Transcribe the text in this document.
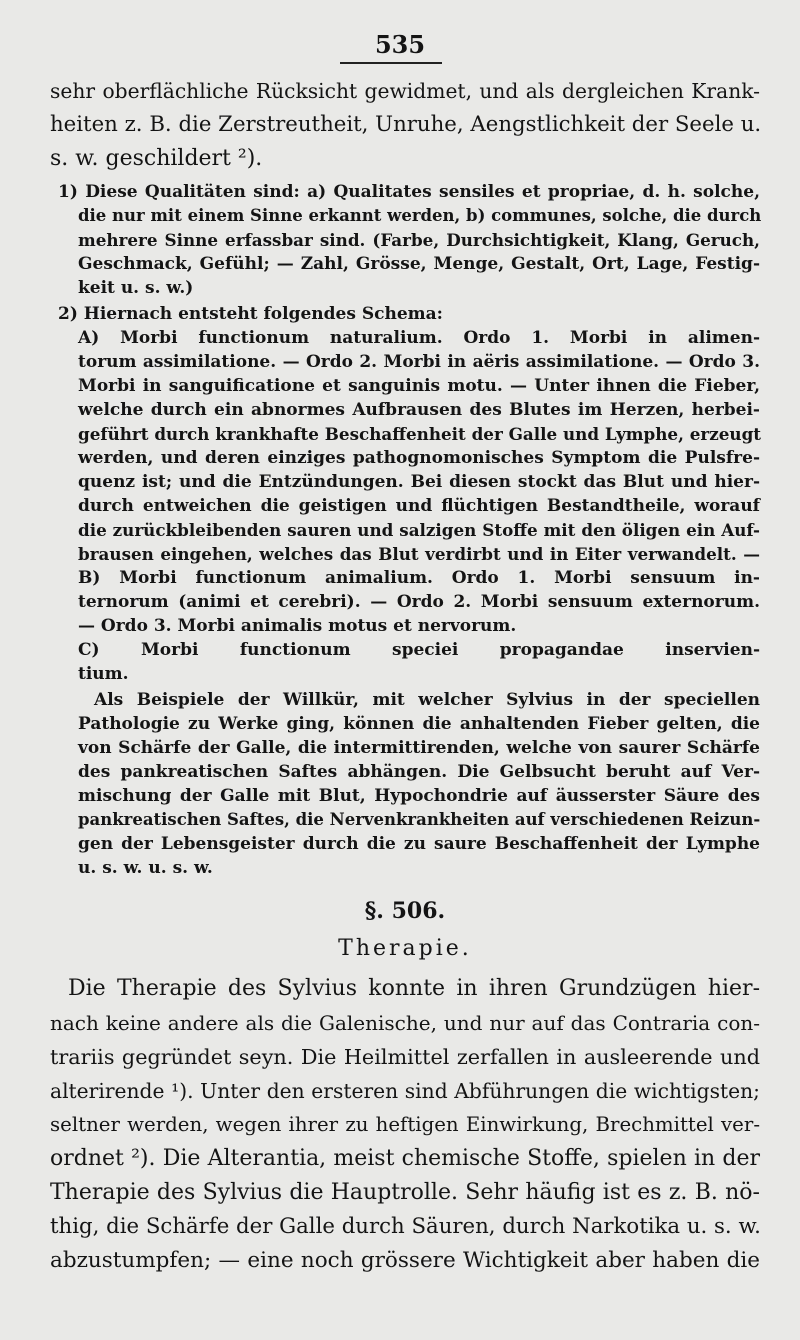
535
sehr oberflächliche Rücksicht gewidmet, und als dergleichen Krank-
heiten z. B. die Zerstreutheit, Unruhe, Aengstlichkeit der Seele u.
s. w. geschildert ²).
1) Diese Qualitäten sind: a) Qualitates sensiles et propriae, d. h. solche,
die nur mit einem Sinne erkannt werden, b) communes, solche, die durch
mehrere Sinne erfassbar sind. (Farbe, Durchsichtigkeit, Klang, Geruch,
Geschmack, Gefühl; — Zahl, Grösse, Menge, Gestalt, Ort, Lage, Festig-
keit u. s. w.)
2) Hiernach entsteht folgendes Schema:
A) Morbi functionum naturalium. Ordo 1. Morbi in alimen-
torum assimilatione. — Ordo 2. Morbi in aëris assimilatione. — Ordo 3.
Morbi in sanguificatione et sanguinis motu. — Unter ihnen die Fieber,
welche durch ein abnormes Aufbrausen des Blutes im Herzen, herbei-
geführt durch krankhafte Beschaffenheit der Galle und Lymphe, erzeugt
werden, und deren einziges pathognomonisches Symptom die Pulsfre-
quenz ist; und die Entzündungen. Bei diesen stockt das Blut und hier-
durch entweichen die geistigen und flüchtigen Bestandtheile, worauf
die zurückbleibenden sauren und salzigen Stoffe mit den öligen ein Auf-
brausen eingehen, welches das Blut verdirbt und in Eiter verwandelt. —
B) Morbi functionum animalium. Ordo 1. Morbi sensuum in-
ternorum (animi et cerebri). — Ordo 2. Morbi sensuum externorum.
— Ordo 3. Morbi animalis motus et nervorum.
C) Morbi functionum speciei propagandae inservien-
tium.
Als Beispiele der Willkür, mit welcher Sylvius in der speciellen
Pathologie zu Werke ging, können die anhaltenden Fieber gelten, die
von Schärfe der Galle, die intermittirenden, welche von saurer Schärfe
des pankreatischen Saftes abhängen. Die Gelbsucht beruht auf Ver-
mischung der Galle mit Blut, Hypochondrie auf äusserster Säure des
pankreatischen Saftes, die Nervenkrankheiten auf verschiedenen Reizun-
gen der Lebensgeister durch die zu saure Beschaffenheit der Lymphe
u. s. w. u. s. w.
§. 506.
Therapie.
Die Therapie des Sylvius konnte in ihren Grundzügen hier-
nach keine andere als die Galenische, und nur auf das Contraria con-
trariis gegründet seyn. Die Heilmittel zerfallen in ausleerende und
alterirende ¹). Unter den ersteren sind Abführungen die wichtigsten;
seltner werden, wegen ihrer zu heftigen Einwirkung, Brechmittel ver-
ordnet ²). Die Alterantia, meist chemische Stoffe, spielen in der
Therapie des Sylvius die Hauptrolle. Sehr häufig ist es z. B. nö-
thig, die Schärfe der Galle durch Säuren, durch Narkotika u. s. w.
abzustumpfen; — eine noch grössere Wichtigkeit aber haben die
